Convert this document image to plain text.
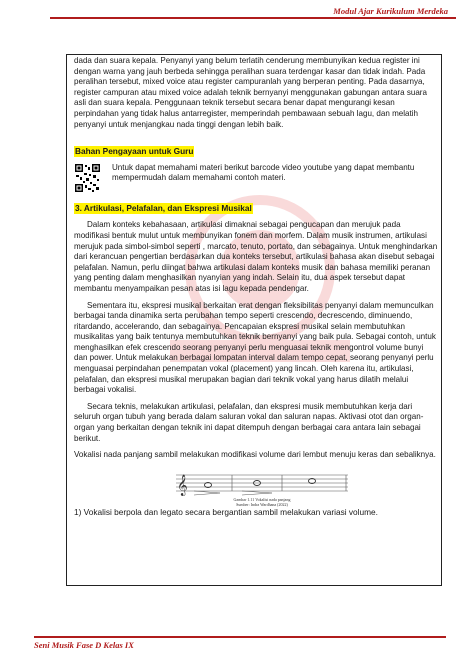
Modul Ajar Kurikulum Merdeka

dada dan suara kepala. Penyanyi yang belum terlatih cenderung membunyikan kedua register ini dengan warna yang jauh berbeda sehingga peralihan suara terdengar kasar dan tidak indah. Pada peralihan tersebut, mixed voice atau register campuranlah yang berperan penting. Pada dasarnya, register campuran atau mixed voice adalah teknik bernyanyi menggunakan gabungan antara suara asli dan suara kepala. Penggunaan teknik tersebut secara benar dapat mengurangi kesan perpindahan yang tidak halus antarregister, memperindah pembawaan sebuah lagu, dan melatih penyanyi untuk menjangkau nada tinggi dengan lebih baik.

Bahan Pengayaan untuk Guru

Untuk dapat memahami materi berikut barcode video youtube yang dapat membantu mempermudah dalam memahami contoh materi.

3. Artikulasi, Pelafalan, dan Ekspresi Musikal

Dalam konteks kebahasaan, artikulasi dimaknai sebagai pengucapan dan merujuk pada modifikasi bentuk mulut untuk membunyikan fonem dan morfem. Dalam musik instrumen, artikulasi merujuk pada simbol-simbol seperti , marcato, tenuto, portato, dan sebagainya. Untuk menghindarkan dari kerancuan pengertian berdasarkan dua konteks tersebut, artikulasi bahasa akan disebut sebagai pelafalan. Namun, perlu diingat bahwa artikulasi dalam konteks musik dan bahasa memiliki peranan yang penting dalam menghasilkan nyanyian yang indah. Selain itu, dua aspek tersebut dapat membantu menyampaikan pesan atas isi lagu kepada pendengar.

Sementara itu, ekspresi musikal berkaitan erat dengan fleksibilitas penyanyi dalam memunculkan berbagai tanda dinamika serta perubahan tempo seperti crescendo, decrescendo, diminuendo, ritardando, accelerando, dan sebagainya. Pencapaian ekspresi musikal selain membutuhkan musikalitas yang baik tentunya membutuhkan teknik bernyanyi yang baik pula. Sebagai contoh, untuk menghasilkan efek crescendo seorang penyanyi perlu menguasai teknik mengontrol volume bunyi dan power. Untuk melakukan berbagai lompatan interval dalam tempo cepat, seorang penyanyi perlu menguasai perpindahan penempatan vokal (placement) yang lincah. Oleh karena itu, artikulasi, pelafalan, dan ekspresi musikal merupakan bagian dari teknik vokal yang harus dilatih melalui berbagai vokalisi.

Secara teknis, melakukan artikulasi, pelafalan, dan ekspresi musik membutuhkan kerja dari seluruh organ tubuh yang berada dalam saluran vokal dan saluran napas. Aktivasi otot dan organ-organ yang berkaitan dengan teknik ini dapat ditempuh dengan berbagai cara antara lain sebagai berikut.

Vokalisi nada panjang sambil melakukan modifikasi volume dari lembut menuju keras dan sebaliknya.

𝄞
Gambar 1.11 Vokalisi nada panjang
Sumber: Indra Wardhana (2022)

1) Vokalisi berpola dan legato secara bergantian sambil melakukan variasi volume.

Seni Musik Fase D Kelas IX
